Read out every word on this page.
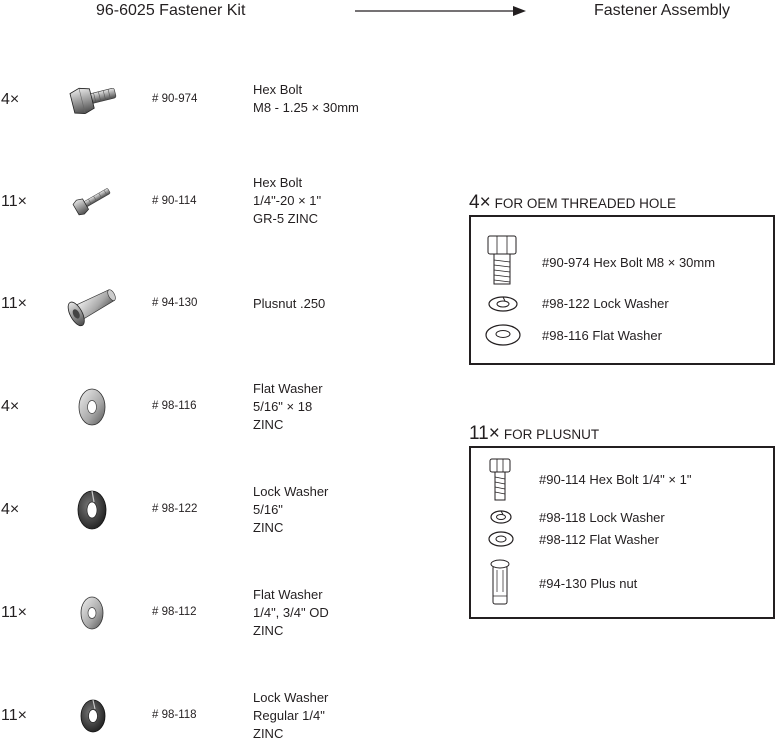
96-6025 Fastener Kit	Fastener Assembly
4×	# 90-974
Hex Bolt
M8 - 1.25 × 30mm
11×	# 90-114
Hex Bolt
1/4"-20 × 1"
GR-5 ZINC
11×	# 94-130	Plusnut .250
4×	# 98-116
Flat Washer
5/16" × 18
ZINC
4×	# 98-122
Lock Washer
5/16"
ZINC
11×	# 98-112
Flat Washer
1/4", 3/4" OD
ZINC
11×	# 98-118
Lock Washer
Regular 1/4"
ZINC
4× FOR OEM THREADED HOLE
#90-974 Hex Bolt M8 × 30mm
#98-122 Lock Washer
#98-116 Flat Washer
11× FOR PLUSNUT
#90-114 Hex Bolt 1/4" × 1"
#98-118 Lock Washer
#98-112 Flat Washer
#94-130 Plus nut
